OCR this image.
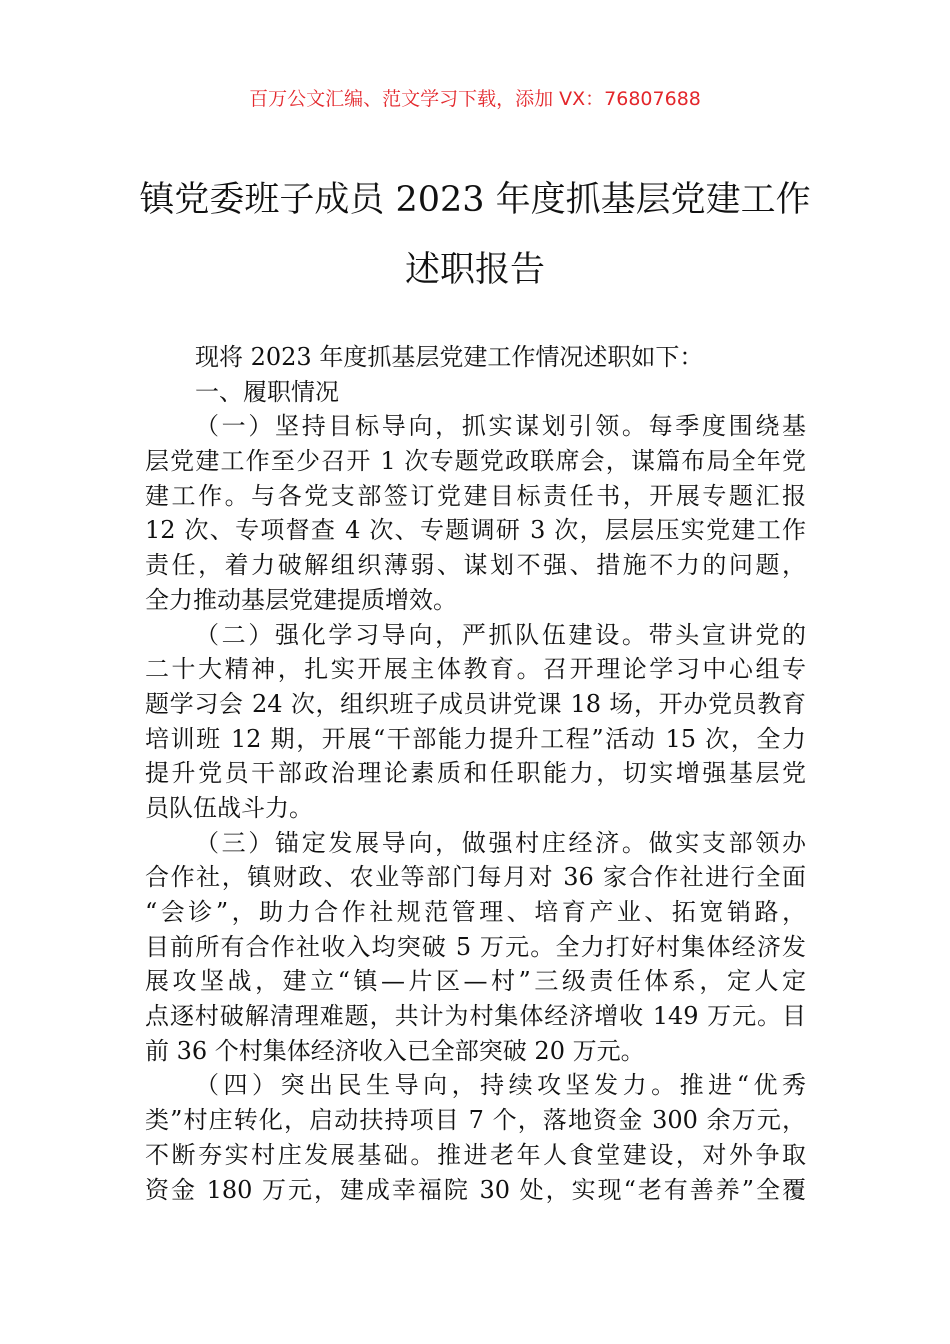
百万公文汇编、范文学习下载，添加 VX：76807688
镇党委班子成员 2023 年度抓基层党建工作
述职报告
现将 2023 年度抓基层党建工作情况述职如下：
一、履职情况
（一）坚持目标导向，抓实谋划引领。每季度围绕基
层党建工作至少召开 1 次专题党政联席会，谋篇布局全年党
建工作。与各党支部签订党建目标责任书，开展专题汇报
12 次、专项督查 4 次、专题调研 3 次，层层压实党建工作
责任，着力破解组织薄弱、谋划不强、措施不力的问题，
全力推动基层党建提质增效。
（二）强化学习导向，严抓队伍建设。带头宣讲党的
二十大精神，扎实开展主体教育。召开理论学习中心组专
题学习会 24 次，组织班子成员讲党课 18 场，开办党员教育
培训班 12 期，开展“干部能力提升工程”活动 15 次，全力
提升党员干部政治理论素质和任职能力，切实增强基层党
员队伍战斗力。
（三）锚定发展导向，做强村庄经济。做实支部领办
合作社，镇财政、农业等部门每月对 36 家合作社进行全面
“会诊”，助力合作社规范管理、培育产业、拓宽销路，
目前所有合作社收入均突破 5 万元。全力打好村集体经济发
展攻坚战，建立“镇—片区—村”三级责任体系，定人定
点逐村破解清理难题，共计为村集体经济增收 149 万元。目
前 36 个村集体经济收入已全部突破 20 万元。
（四）突出民生导向，持续攻坚发力。推进“优秀
类”村庄转化，启动扶持项目 7 个，落地资金 300 余万元，
不断夯实村庄发展基础。推进老年人食堂建设，对外争取
资金 180 万元，建成幸福院 30 处，实现“老有善养”全覆
